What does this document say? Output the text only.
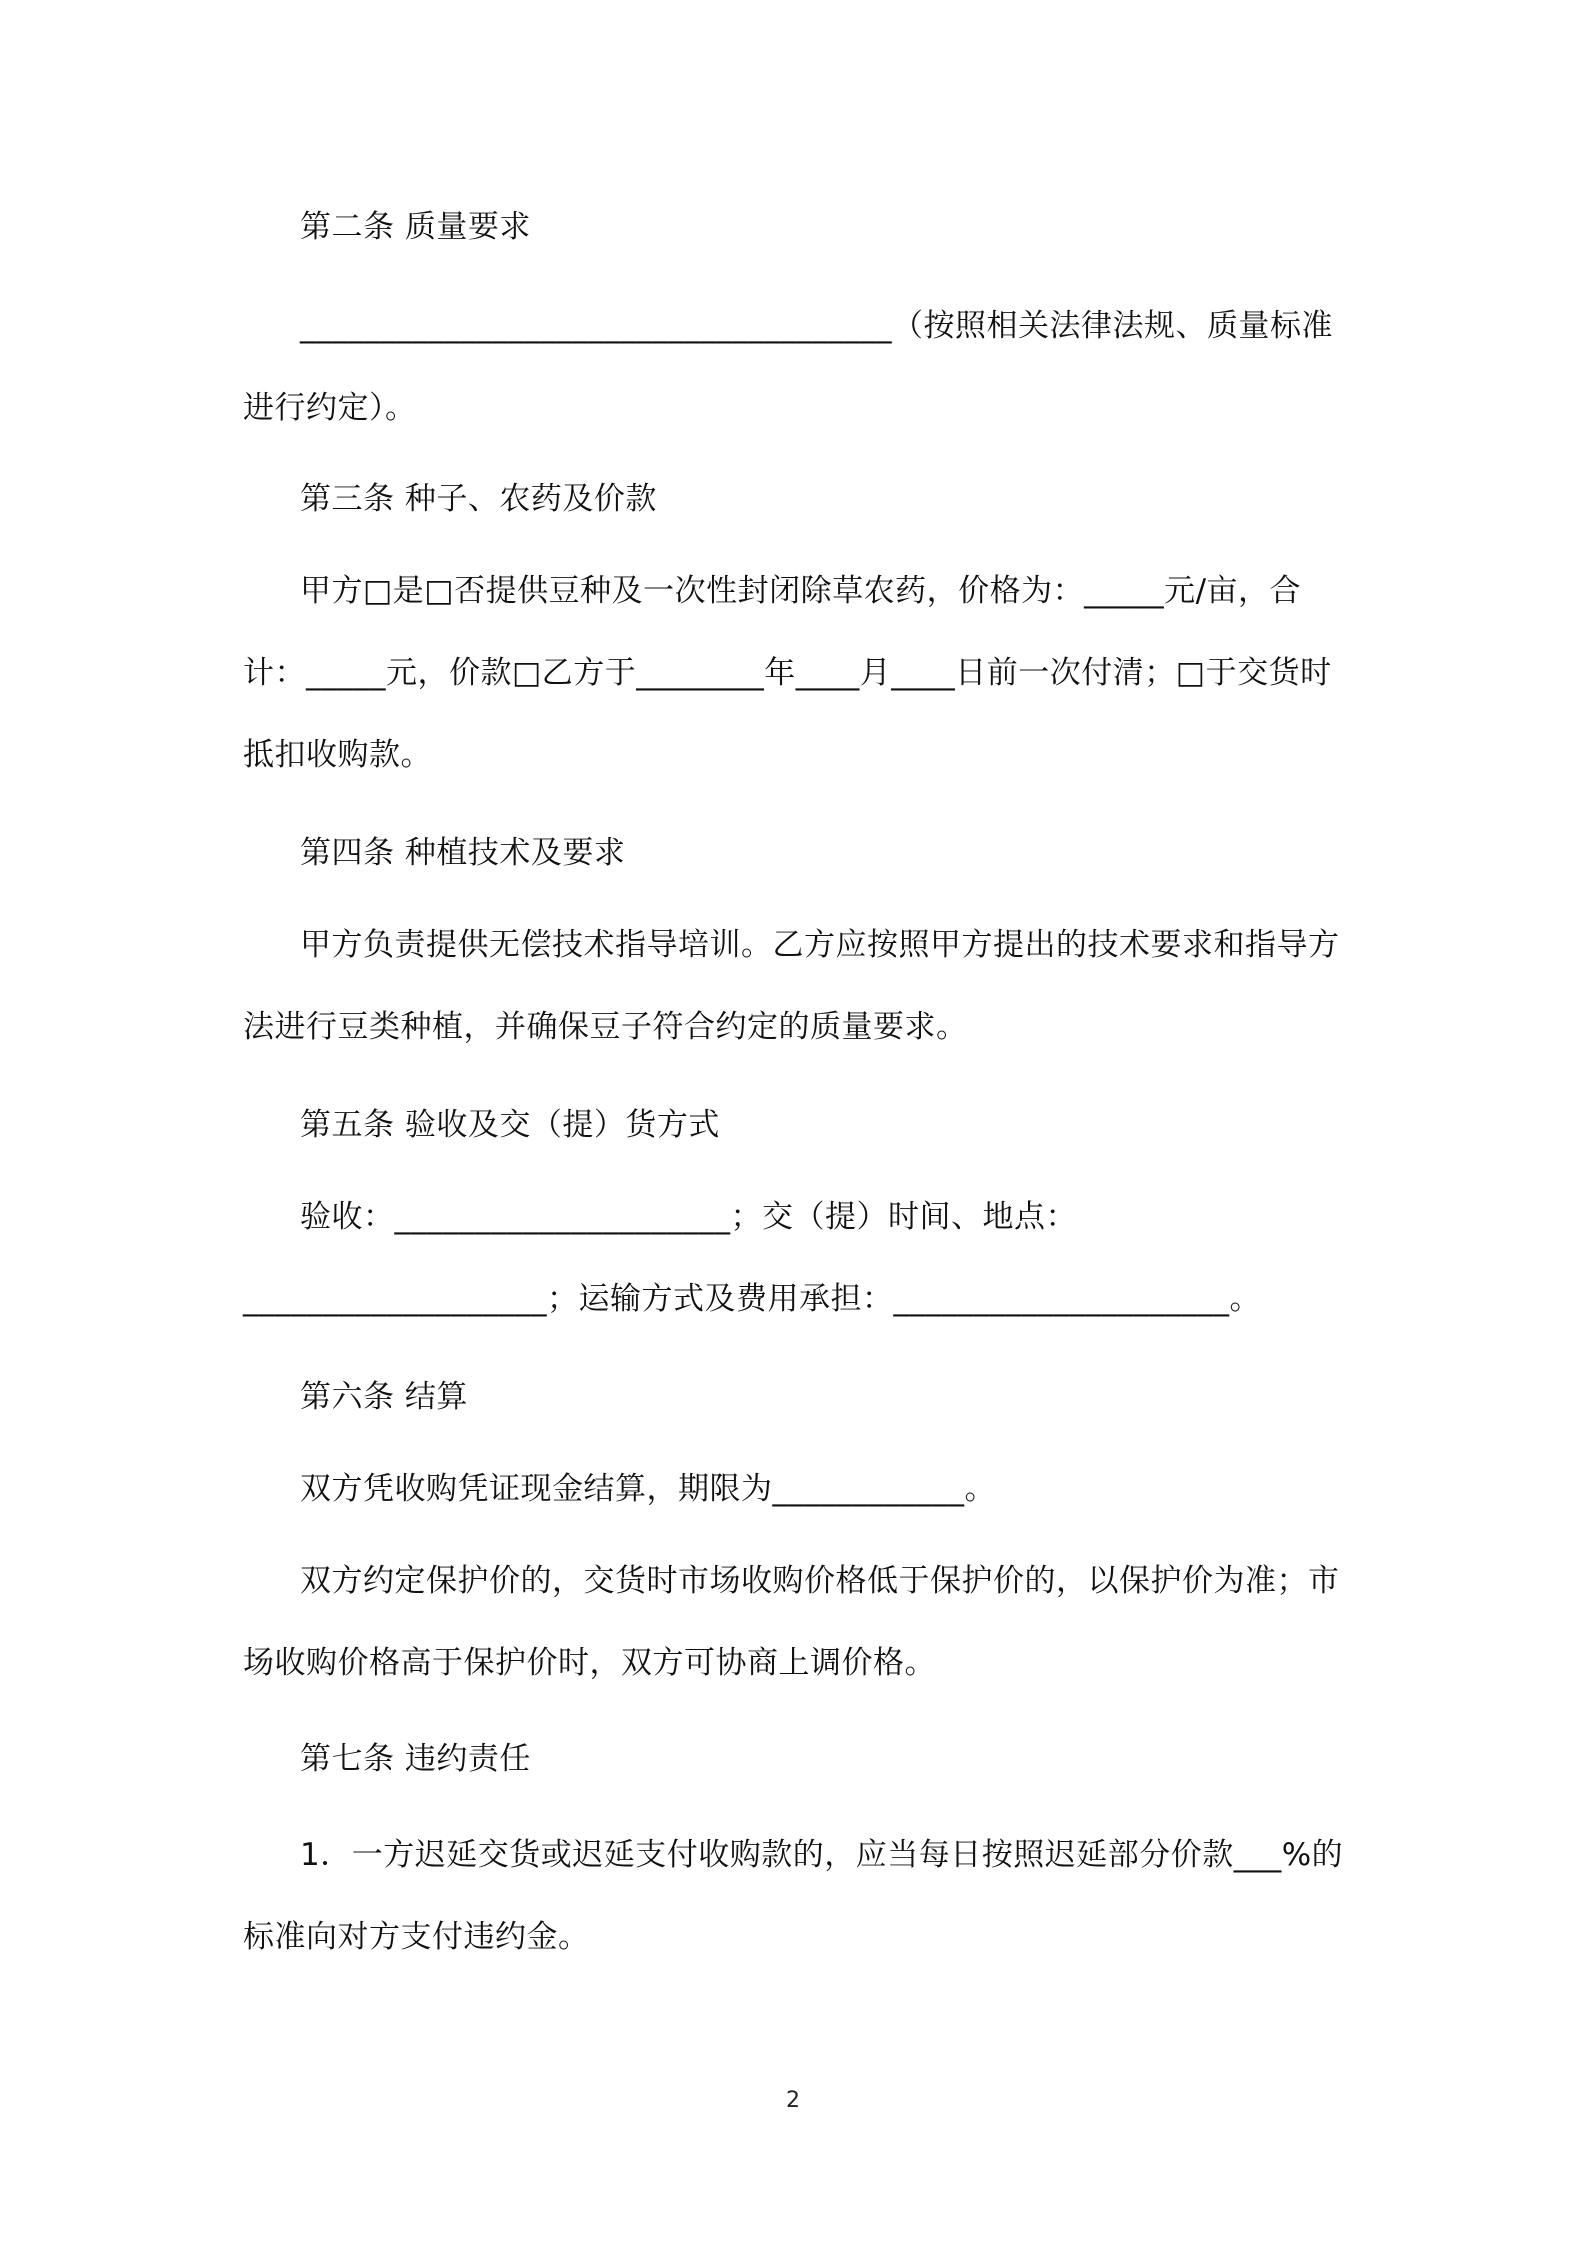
第二条 质量要求

_____________________________________（按照相关法律法规、质量标准进行约定）。

第三条 种子、农药及价款

甲方□是□否提供豆种及一次性封闭除草农药，价格为：_____元/亩，合计：_____元，价款□乙方于________年____月____日前一次付清；□于交货时抵扣收购款。

第四条 种植技术及要求

甲方负责提供无偿技术指导培训。乙方应按照甲方提出的技术要求和指导方法进行豆类种植，并确保豆子符合约定的质量要求。

第五条 验收及交（提）货方式

验收：_____________________；交（提）时间、地点：___________________；运输方式及费用承担：_____________________。

第六条 结算

双方凭收购凭证现金结算，期限为____________。

双方约定保护价的，交货时市场收购价格低于保护价的，以保护价为准；市场收购价格高于保护价时，双方可协商上调价格。

第七条 违约责任

1．一方迟延交货或迟延支付收购款的，应当每日按照迟延部分价款___%的标准向对方支付违约金。

2
